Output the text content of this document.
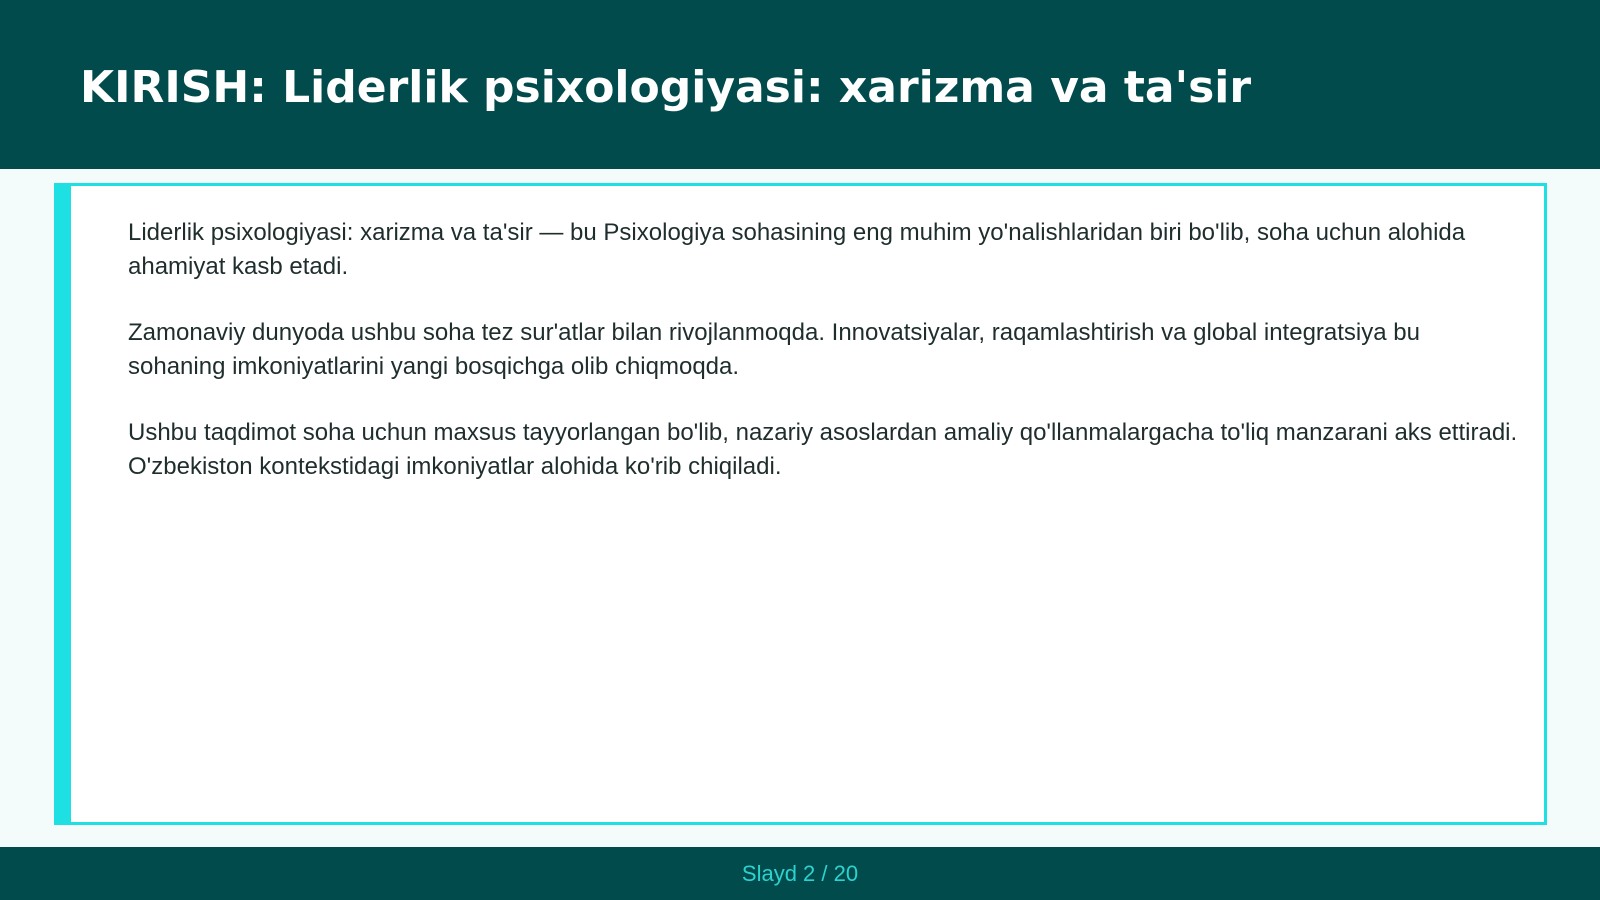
KIRISH: Liderlik psixologiyasi: xarizma va ta'sir

Liderlik psixologiyasi: xarizma va ta'sir — bu Psixologiya sohasining eng muhim yo'nalishlaridan biri bo'lib, soha uchun alohida ahamiyat kasb etadi.

Zamonaviy dunyoda ushbu soha tez sur'atlar bilan rivojlanmoqda. Innovatsiyalar, raqamlashtirish va global integratsiya bu sohaning imkoniyatlarini yangi bosqichga olib chiqmoqda.

Ushbu taqdimot soha uchun maxsus tayyorlangan bo'lib, nazariy asoslardan amaliy qo'llanmalargacha to'liq manzarani aks ettiradi. O'zbekiston kontekstidagi imkoniyatlar alohida ko'rib chiqiladi.

Slayd 2 / 20
